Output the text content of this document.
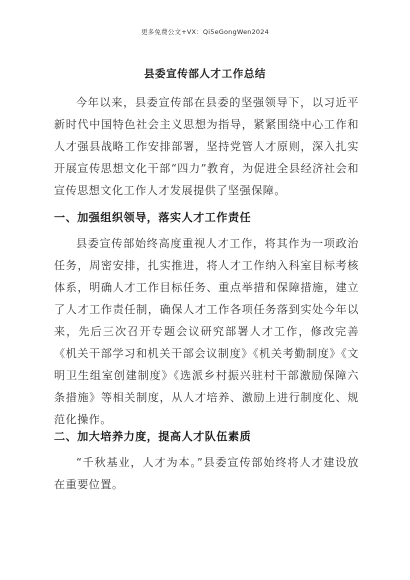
更多免费公文+VX：Qi5eGongWen2024
县委宣传部人才工作总结

今年以来，县委宣传部在县委的坚强领导下，以习近平新时代中国特色社会主义思想为指导，紧紧围绕中心工作和人才强县战略工作安排部署，坚持党管人才原则，深入扎实开展宣传思想文化干部“四力”教育，为促进全县经济社会和宣传思想文化工作人才发展提供了坚强保障。

一、加强组织领导，落实人才工作责任

县委宣传部始终高度重视人才工作，将其作为一项政治任务，周密安排，扎实推进，将人才工作纳入科室目标考核体系，明确人才工作目标任务、重点举措和保障措施，建立了人才工作责任制，确保人才工作各项任务落到实处今年以来，先后三次召开专题会议研究部署人才工作，修改完善《机关干部学习和机关干部会议制度》《机关考勤制度》《文明卫生组室创建制度》《选派乡村振兴驻村干部激励保障六条措施》等相关制度，从人才培养、激励上进行制度化、规范化操作。

二、加大培养力度，提高人才队伍素质

“千秋基业，人才为本。”县委宣传部始终将人才建设放在重要位置。
